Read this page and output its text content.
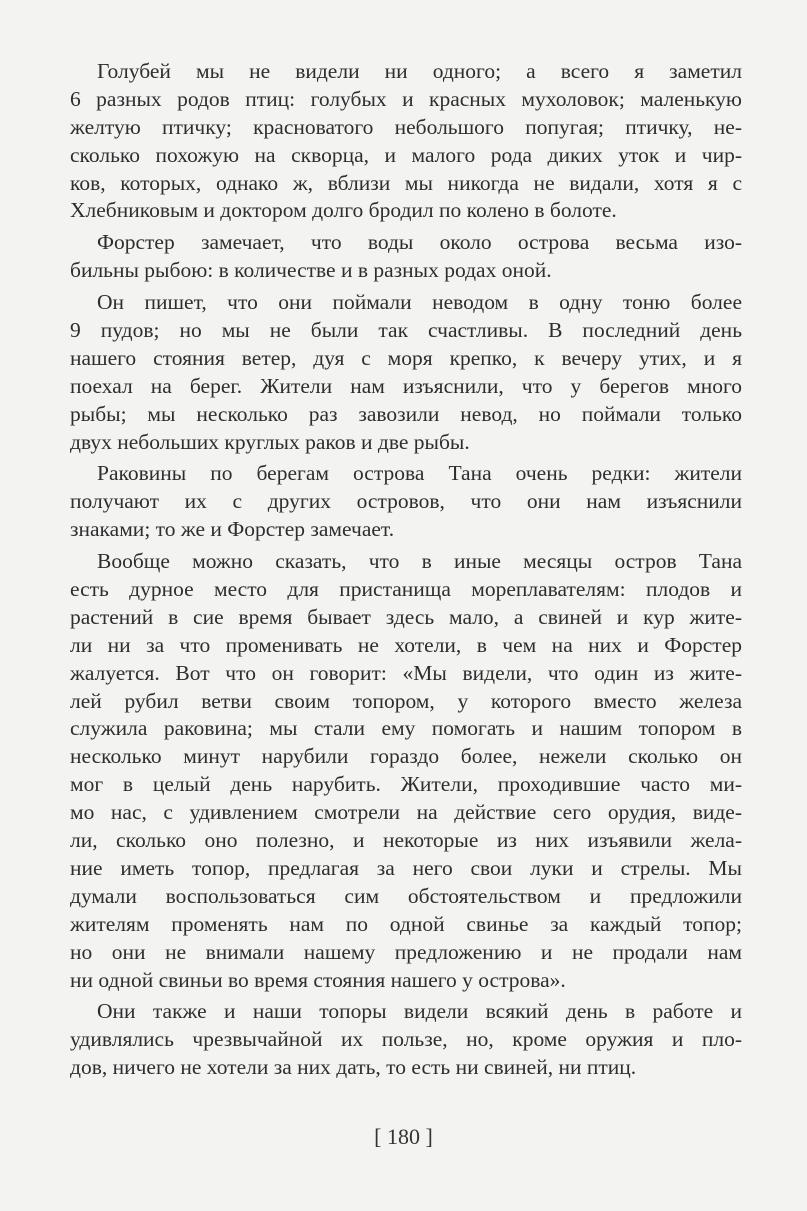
Голубей мы не видели ни одного; а всего я заметил
6 разных родов птиц: голубых и красных мухоловок; маленькую
желтую птичку; красноватого небольшого попугая; птичку, не-
сколько похожую на скворца, и малого рода диких уток и чир-
ков, которых, однако ж, вблизи мы никогда не видали, хотя я с
Хлебниковым и доктором долго бродил по колено в болоте.
Форстер замечает, что воды около острова весьма изо-
бильны рыбою: в количестве и в разных родах оной.
Он пишет, что они поймали неводом в одну тоню более
9 пудов; но мы не были так счастливы. В последний день
нашего стояния ветер, дуя с моря крепко, к вечеру утих, и я
поехал на берег. Жители нам изъяснили, что у берегов много
рыбы; мы несколько раз завозили невод, но поймали только
двух небольших круглых раков и две рыбы.
Раковины по берегам острова Тана очень редки: жители
получают их с других островов, что они нам изъяснили
знаками; то же и Форстер замечает.
Вообще можно сказать, что в иные месяцы остров Тана
есть дурное место для пристанища мореплавателям: плодов и
растений в сие время бывает здесь мало, а свиней и кур жите-
ли ни за что променивать не хотели, в чем на них и Форстер
жалуется. Вот что он говорит: «Мы видели, что один из жите-
лей рубил ветви своим топором, у которого вместо железа
служила раковина; мы стали ему помогать и нашим топором в
несколько минут нарубили гораздо более, нежели сколько он
мог в целый день нарубить. Жители, проходившие часто ми-
мо нас, с удивлением смотрели на действие сего орудия, виде-
ли, сколько оно полезно, и некоторые из них изъявили жела-
ние иметь топор, предлагая за него свои луки и стрелы. Мы
думали воспользоваться сим обстоятельством и предложили
жителям променять нам по одной свинье за каждый топор;
но они не внимали нашему предложению и не продали нам
ни одной свиньи во время стояния нашего у острова».
Они также и наши топоры видели всякий день в работе и
удивлялись чрезвычайной их пользе, но, кроме оружия и пло-
дов, ничего не хотели за них дать, то есть ни свиней, ни птиц.
[ 180 ]
